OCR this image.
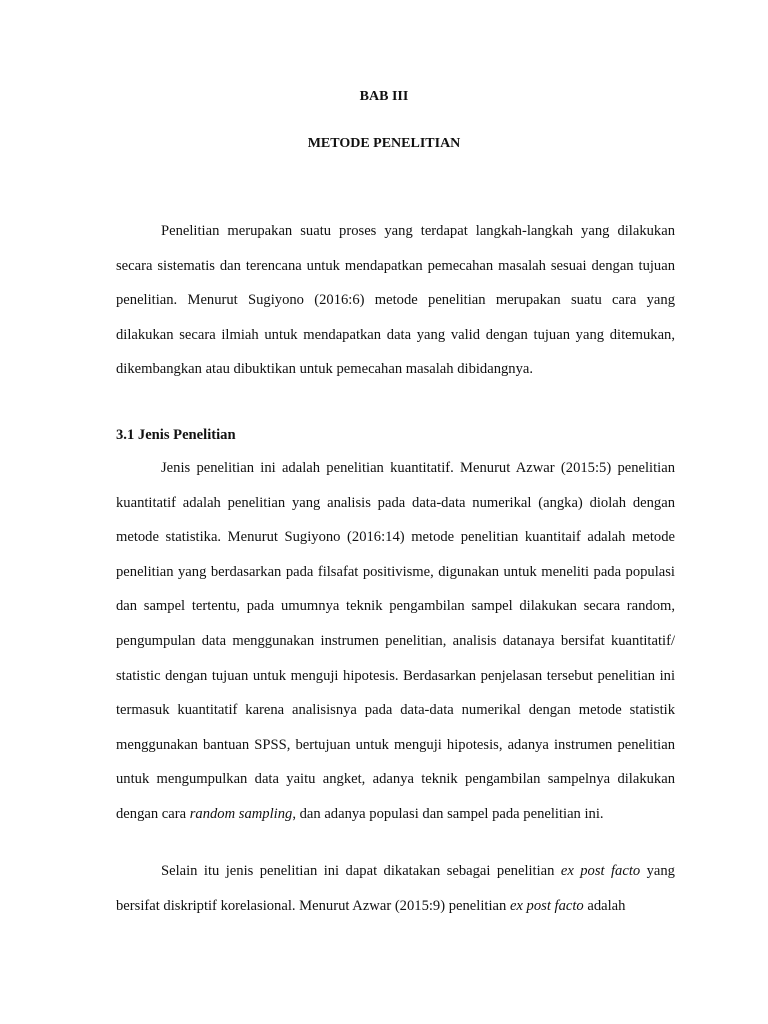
BAB III
METODE PENELITIAN

Penelitian merupakan suatu proses yang terdapat langkah-langkah yang dilakukan secara sistematis dan terencana untuk mendapatkan pemecahan masalah sesuai dengan tujuan penelitian. Menurut Sugiyono (2016:6) metode penelitian merupakan suatu cara yang dilakukan secara ilmiah untuk mendapatkan data yang valid dengan tujuan yang ditemukan, dikembangkan atau dibuktikan untuk pemecahan masalah dibidangnya.

3.1 Jenis Penelitian

Jenis penelitian ini adalah penelitian kuantitatif. Menurut Azwar (2015:5) penelitian kuantitatif adalah penelitian yang analisis pada data-data numerikal (angka) diolah dengan metode statistika. Menurut Sugiyono (2016:14) metode penelitian kuantitaif adalah metode penelitian yang berdasarkan pada filsafat positivisme, digunakan untuk meneliti pada populasi dan sampel tertentu, pada umumnya teknik pengambilan sampel dilakukan secara random, pengumpulan data menggunakan instrumen penelitian, analisis datanaya bersifat kuantitatif/ statistic dengan tujuan untuk menguji hipotesis. Berdasarkan penjelasan tersebut penelitian ini termasuk kuantitatif karena analisisnya pada data-data numerikal dengan metode statistik menggunakan bantuan SPSS, bertujuan untuk menguji hipotesis, adanya instrumen penelitian untuk mengumpulkan data yaitu angket, adanya teknik pengambilan sampelnya dilakukan dengan cara random sampling, dan adanya populasi dan sampel pada penelitian ini.

Selain itu jenis penelitian ini dapat dikatakan sebagai penelitian ex post facto yang bersifat diskriptif korelasional. Menurut Azwar (2015:9) penelitian ex post facto adalah
